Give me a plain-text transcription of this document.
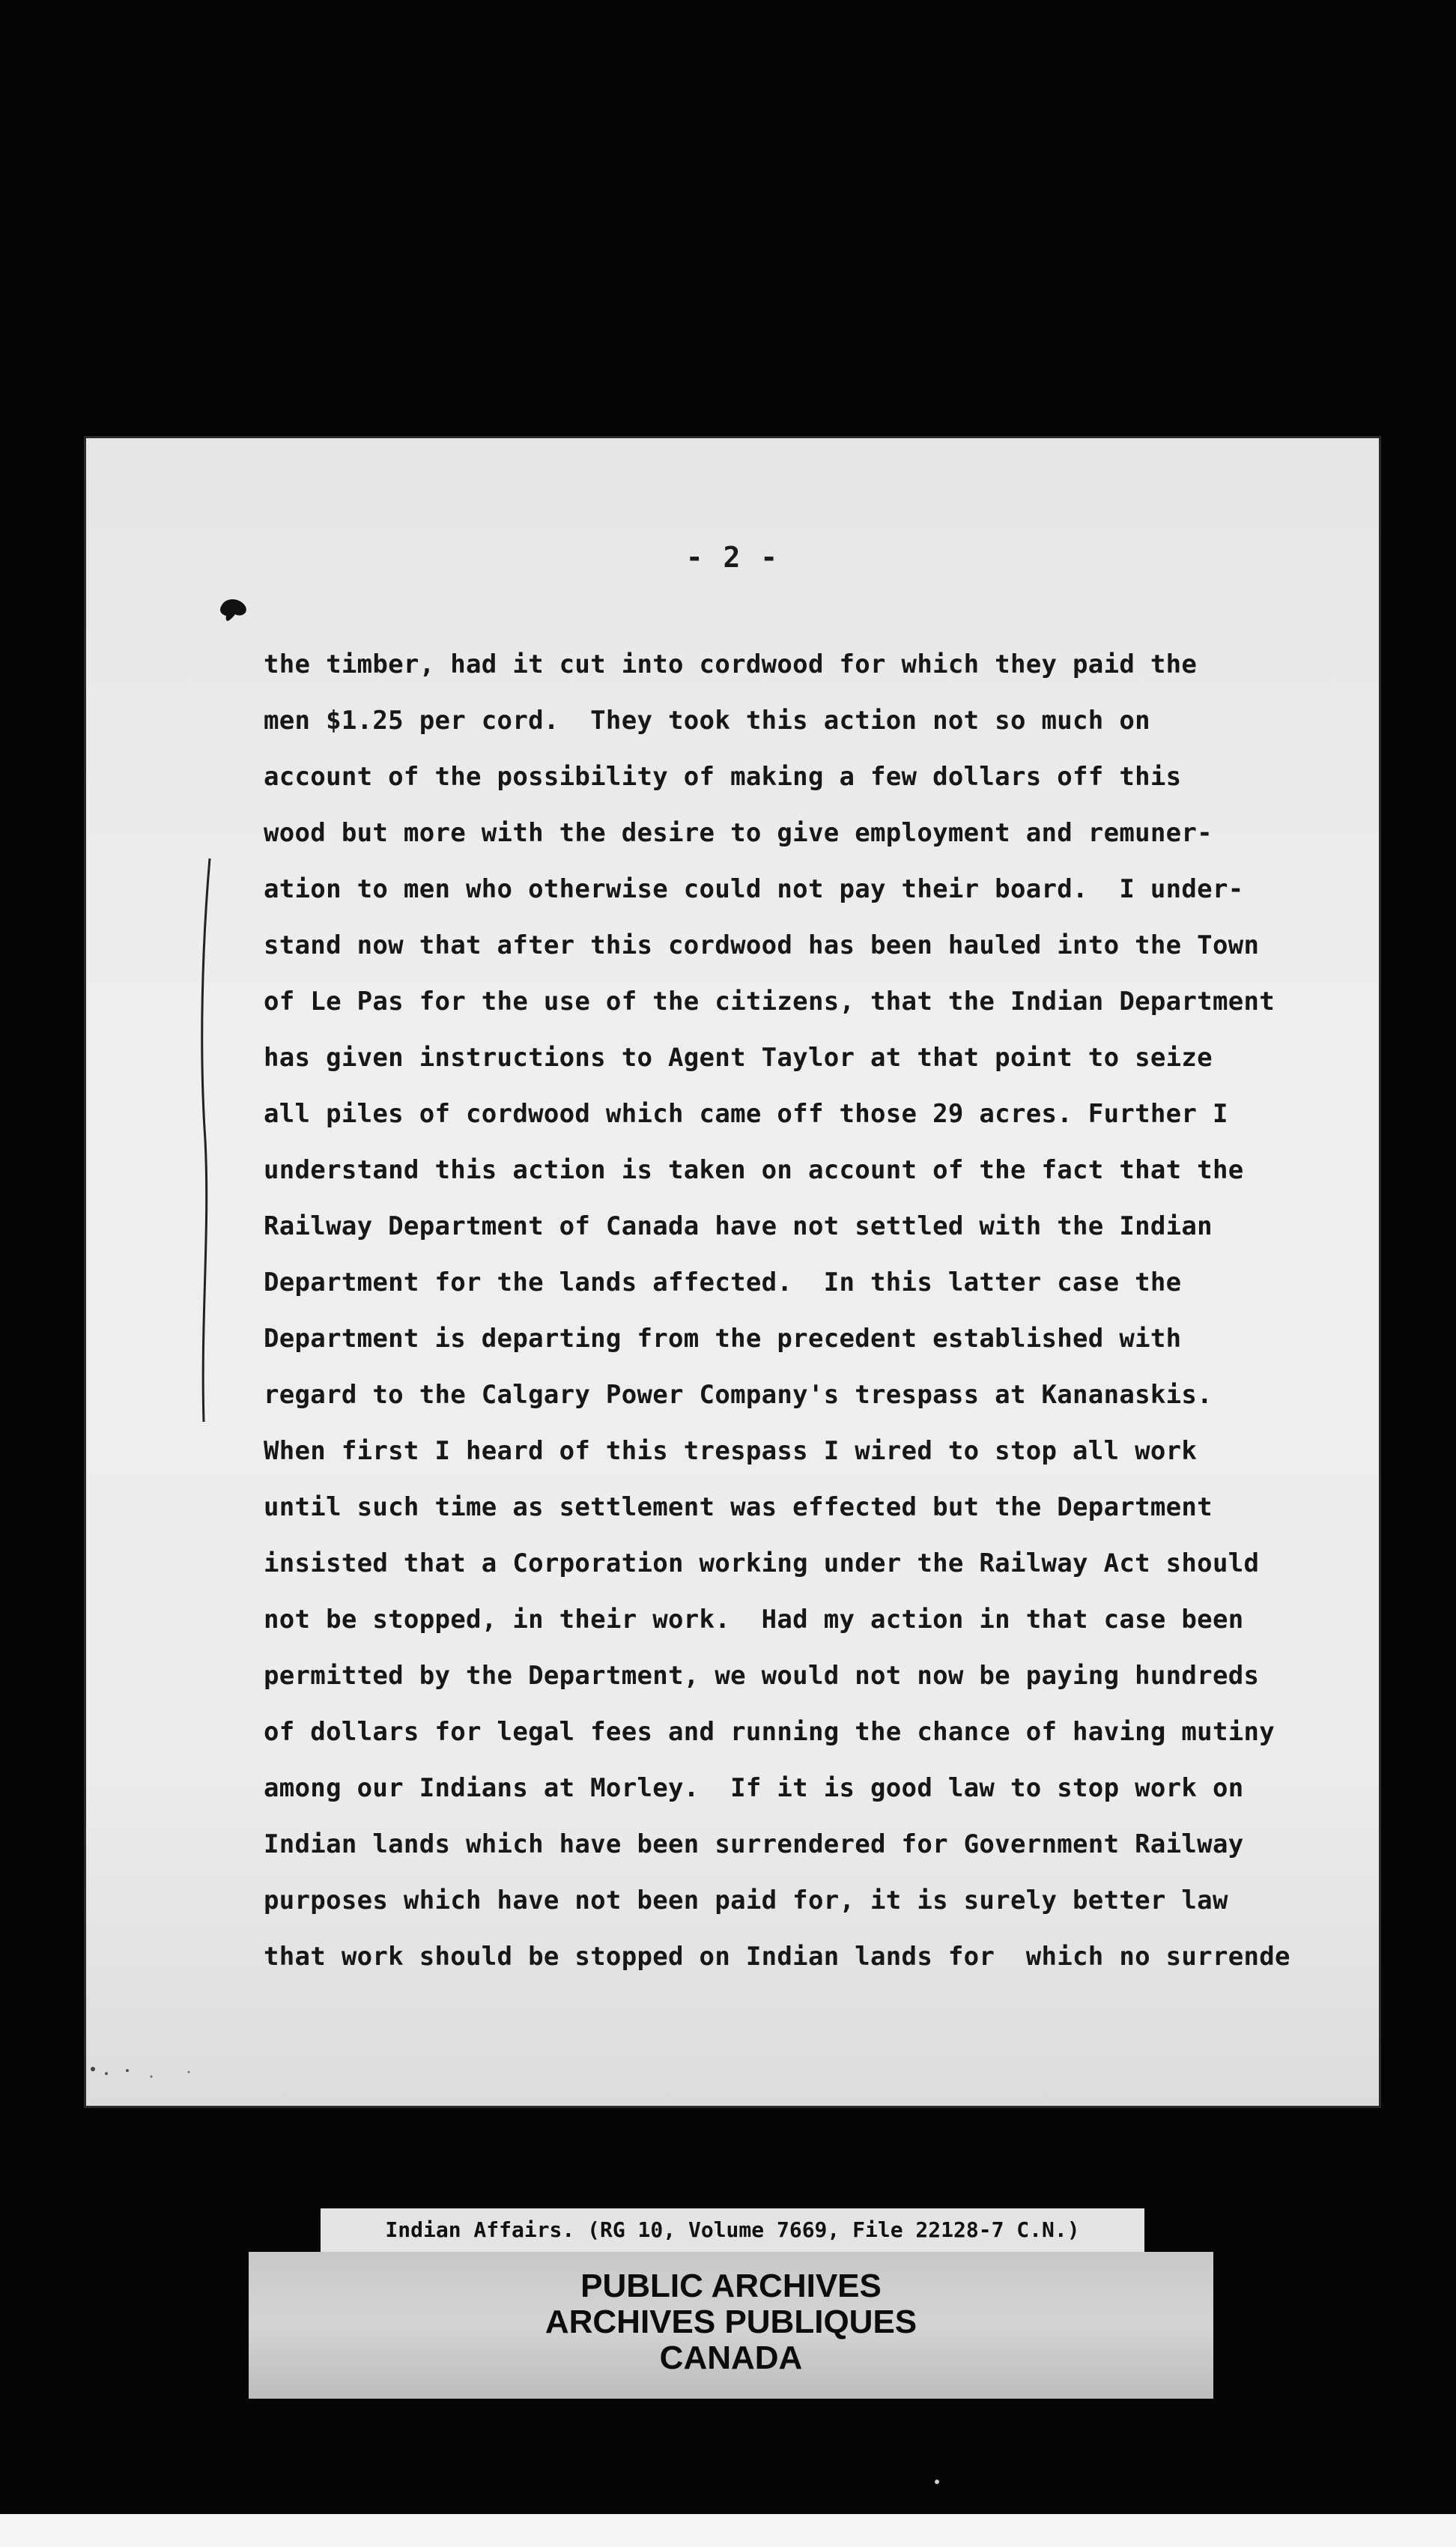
- 2 -
the timber, had it cut into cordwood for which they paid the
men $1.25 per cord.  They took this action not so much on
account of the possibility of making a few dollars off this
wood but more with the desire to give employment and remuner-
ation to men who otherwise could not pay their board.  I under-
stand now that after this cordwood has been hauled into the Town
of Le Pas for the use of the citizens, that the Indian Department
has given instructions to Agent Taylor at that point to seize
all piles of cordwood which came off those 29 acres. Further I
understand this action is taken on account of the fact that the
Railway Department of Canada have not settled with the Indian
Department for the lands affected.  In this latter case the
Department is departing from the precedent established with
regard to the Calgary Power Company's trespass at Kananaskis.
When first I heard of this trespass I wired to stop all work
until such time as settlement was effected but the Department
insisted that a Corporation working under the Railway Act should
not be stopped, in their work.  Had my action in that case been
permitted by the Department, we would not now be paying hundreds
of dollars for legal fees and running the chance of having mutiny
among our Indians at Morley.  If it is good law to stop work on
Indian lands which have been surrendered for Government Railway
purposes which have not been paid for, it is surely better law
that work should be stopped on Indian lands for  which no surrende
Indian Affairs. (RG 10, Volume 7669, File 22128-7 C.N.)
PUBLIC ARCHIVES
ARCHIVES PUBLIQUES
CANADA
